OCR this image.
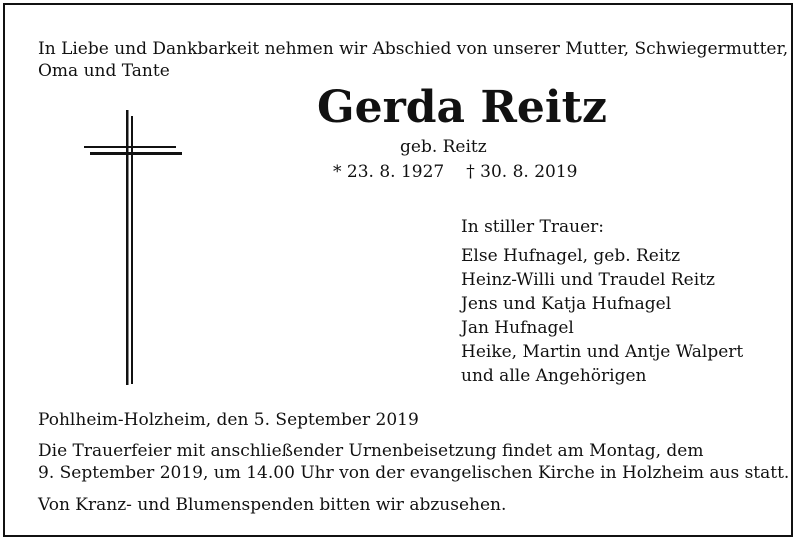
In Liebe und Dankbarkeit nehmen wir Abschied von unserer Mutter, Schwiegermutter,
Oma und Tante

Gerda Reitz

geb. Reitz

* 23. 8. 1927 † 30. 8. 2019

In stiller Trauer:

Else Hufnagel, geb. Reitz
Heinz-Willi und Traudel Reitz
Jens und Katja Hufnagel
Jan Hufnagel
Heike, Martin und Antje Walpert
und alle Angehörigen

Pohlheim-Holzheim, den 5. September 2019

Die Trauerfeier mit anschließender Urnenbeisetzung findet am Montag, dem
9. September 2019, um 14.00 Uhr von der evangelischen Kirche in Holzheim aus statt.

Von Kranz- und Blumenspenden bitten wir abzusehen.
